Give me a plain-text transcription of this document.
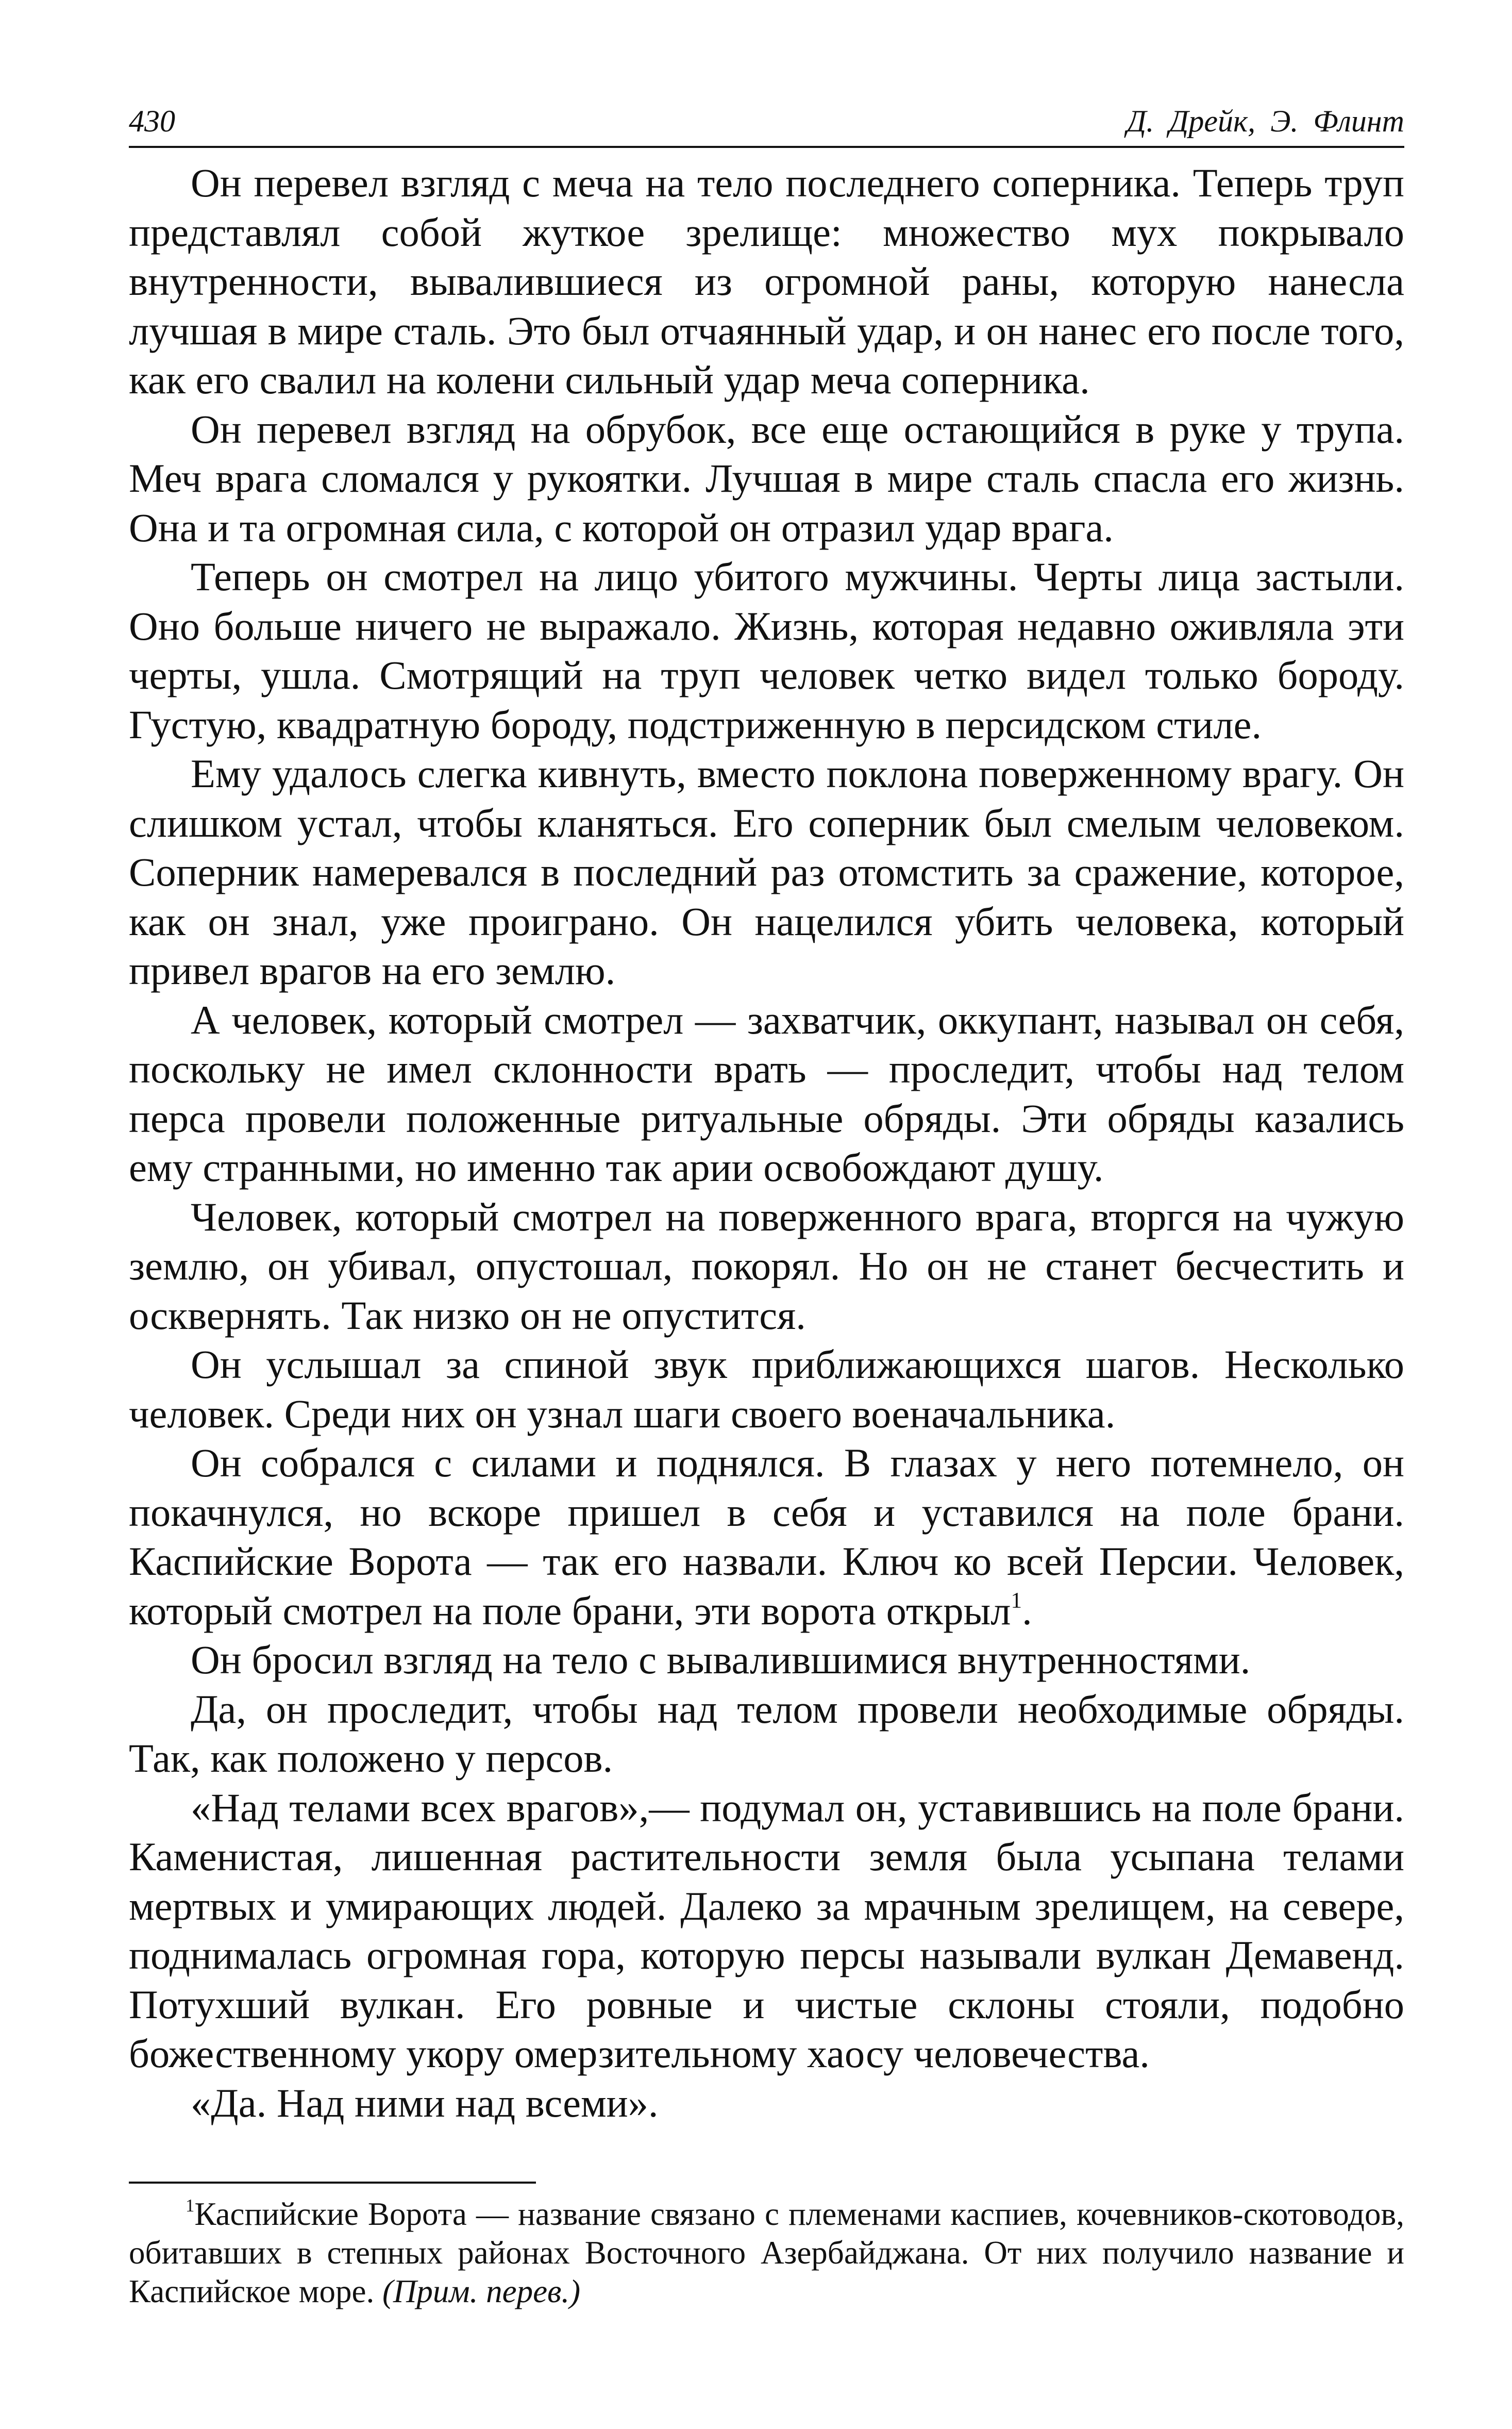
430	Д. Дрейк, Э. Флинт

Он перевел взгляд с меча на тело последнего соперника. Теперь труп представлял собой жуткое зрелище: множество мух покрывало внутренности, вывалившиеся из огромной раны, которую нанесла лучшая в мире сталь. Это был отчаянный удар, и он нанес его после того, как его свалил на колени сильный удар меча соперника.

Он перевел взгляд на обрубок, все еще остающийся в руке у трупа. Меч врага сломался у рукоятки. Лучшая в мире сталь спасла его жизнь. Она и та огромная сила, с которой он отразил удар врага.

Теперь он смотрел на лицо убитого мужчины. Черты лица застыли. Оно больше ничего не выражало. Жизнь, которая недавно оживляла эти черты, ушла. Смотрящий на труп человек четко видел только бороду. Густую, квадратную бороду, подстриженную в персидском стиле.

Ему удалось слегка кивнуть, вместо поклона поверженному врагу. Он слишком устал, чтобы кланяться. Его соперник был смелым человеком. Соперник намеревался в последний раз отомстить за сражение, которое, как он знал, уже проиграно. Он нацелился убить человека, который привел врагов на его землю.

А человек, который смотрел — захватчик, оккупант, называл он себя, поскольку не имел склонности врать — проследит, чтобы над телом перса провели положенные ритуальные обряды. Эти обряды казались ему странными, но именно так арии освобождают душу.

Человек, который смотрел на поверженного врага, вторгся на чужую землю, он убивал, опустошал, покорял. Но он не станет бесчестить и осквернять. Так низко он не опустится.

Он услышал за спиной звук приближающихся шагов. Несколько человек. Среди них он узнал шаги своего военачальника.

Он собрался с силами и поднялся. В глазах у него потемнело, он покачнулся, но вскоре пришел в себя и уставился на поле брани. Каспийские Ворота — так его назвали. Ключ ко всей Персии. Человек, который смотрел на поле брани, эти ворота открыл$^1$.

Он бросил взгляд на тело с вывалившимися внутренностями.

Да, он проследит, чтобы над телом провели необходимые обряды. Так, как положено у персов.

«Над телами всех врагов»,— подумал он, уставившись на поле брани. Каменистая, лишенная растительности земля была усыпана телами мертвых и умирающих людей. Далеко за мрачным зрелищем, на севере, поднималась огромная гора, которую персы называли вулкан Демавенд. Потухший вулкан. Его ровные и чистые склоны стояли, подобно божественному укору омерзительному хаосу человечества.

«Да. Над ними над всеми».

$^1$Каспийские Ворота — название связано с племенами каспиев, кочевников-скотоводов, обитавших в степных районах Восточного Азербайджана. От них получило название и Каспийское море. (Прим. перев.)
